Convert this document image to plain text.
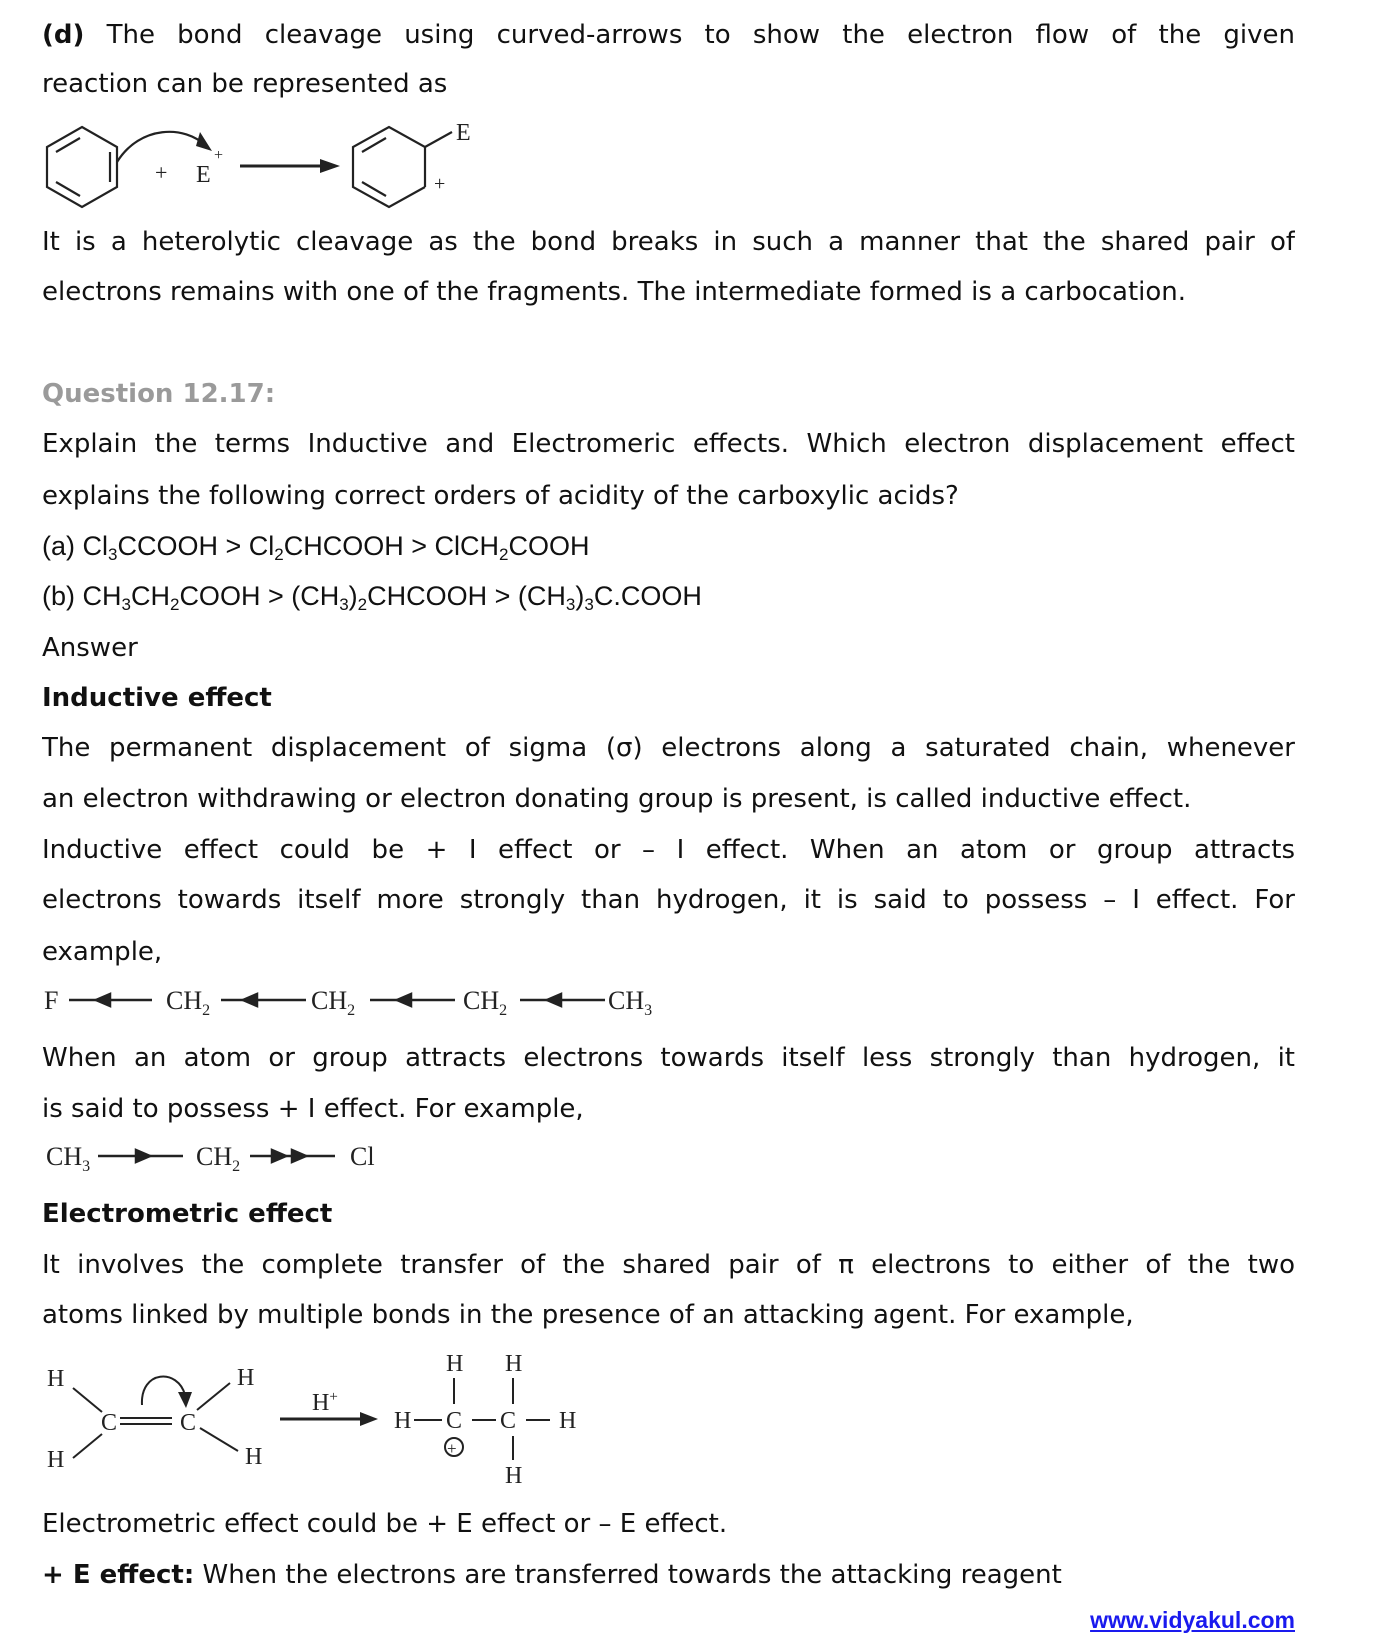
(d) The bond cleavage using curved-arrows to show the electron flow of the given
reaction can be represented as
+ E
+
E
+
It is a heterolytic cleavage as the bond breaks in such a manner that the shared pair of
electrons remains with one of the fragments. The intermediate formed is a carbocation.
Question 12.17:
Explain the terms Inductive and Electromeric effects. Which electron displacement effect
explains the following correct orders of acidity of the carboxylic acids?
(a) $Cl_3CCOOH$ > $Cl_2CHCOOH$ > ClCH$_2$COOH
(b) $CH_3CH_2COOH$ > $(CH_3)_2CHCOOH$ > $(CH_3)_3C.COOH$
Answer
Inductive effect
The permanent displacement of sigma (σ) electrons along a saturated chain, whenever
an electron withdrawing or electron donating group is present, is called inductive effect.
Inductive effect could be + I effect or – I effect. When an atom or group attracts
electrons towards itself more strongly than hydrogen, it is said to possess – I effect. For
example,
F	$CH_2$	$CH_2$	$CH_2$	$CH_3$
When an atom or group attracts electrons towards itself less strongly than hydrogen, it
is said to possess + I effect. For example,
$CH_3$	$CH_2$	Cl
Electrometric effect
It involves the complete transfer of the shared pair of π electrons to either of the two
atoms linked by multiple bonds in the presence of an attacking agent. For example,
H
H
C	C
H
H
H+
H C C H
H H
H
+
Electrometric effect could be + E effect or – E effect.
+ E effect: When the electrons are transferred towards the attacking reagent
www.vidyakul.com
